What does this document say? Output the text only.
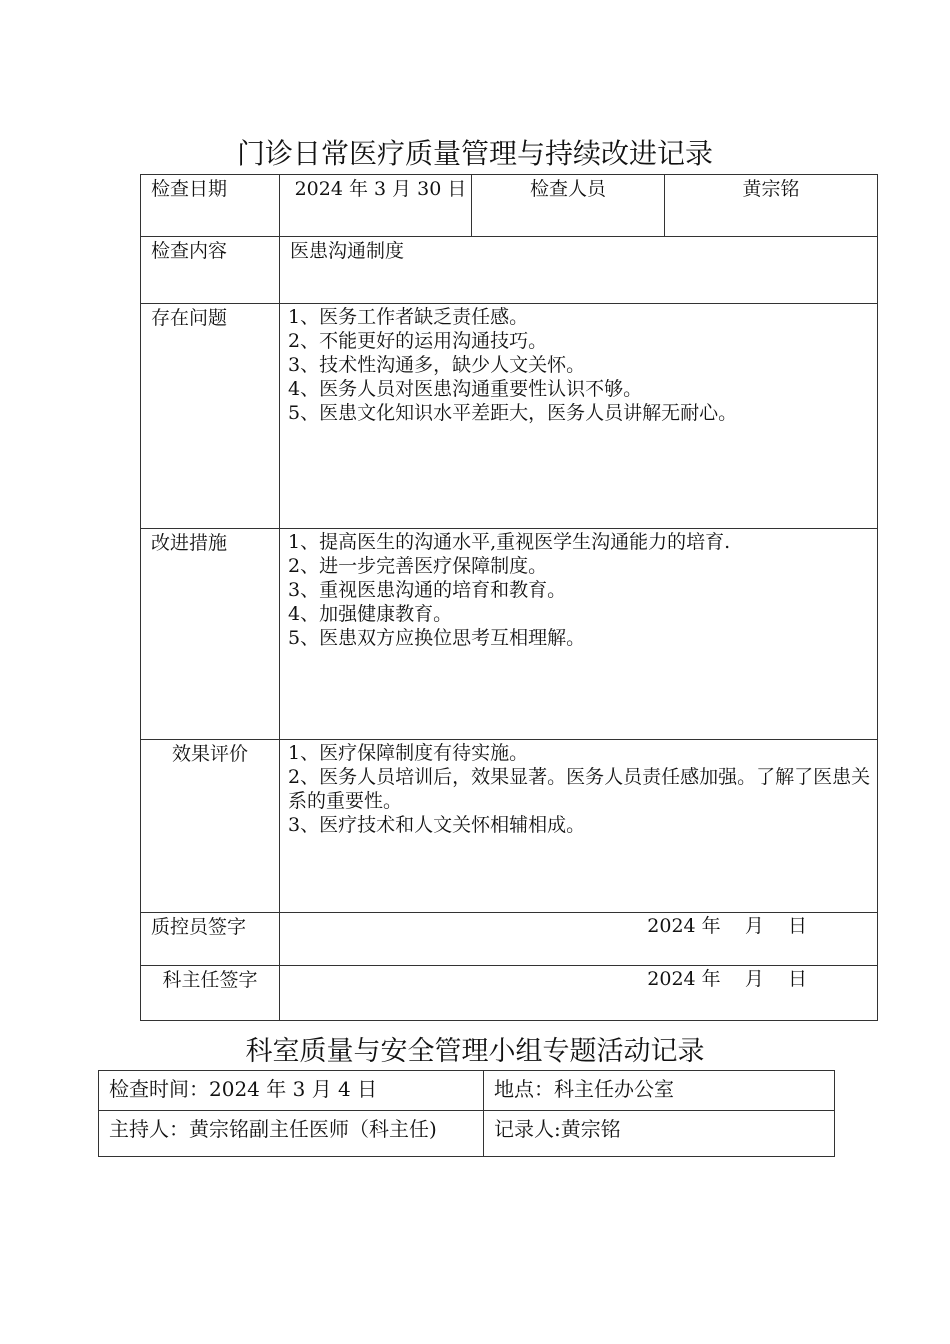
门诊日常医疗质量管理与持续改进记录
检查日期	2024 年 3 月 30 日	检查人员	黄宗铭
检查内容	医患沟通制度		
存在问题	1、医务工作者缺乏责任感。
2、不能更好的运用沟通技巧。
3、技术性沟通多，缺少人文关怀。
4、医务人员对医患沟通重要性认识不够。
5、医患文化知识水平差距大，医务人员讲解无耐心。		

改进措施	1、提高医生的沟通水平,重视医学生沟通能力的培育.
2、进一步完善医疗保障制度。
3、重视医患沟通的培育和教育。
4、加强健康教育。
5、医患双方应换位思考互相理解。		

效果评价	1、医疗保障制度有待实施。
2、医务人员培训后，效果显著。医务人员责任感加强。了解了医患关系的重要性。
3、医疗技术和人文关怀相辅相成。		

质控员签字	2024 年    月    日		
科主任签字	2024 年    月    日		
科室质量与安全管理小组专题活动记录
检查时间：2024 年 3 月 4 日	地点：科主任办公室
主持人：黄宗铭副主任医师（科主任)	记录人:黄宗铭
